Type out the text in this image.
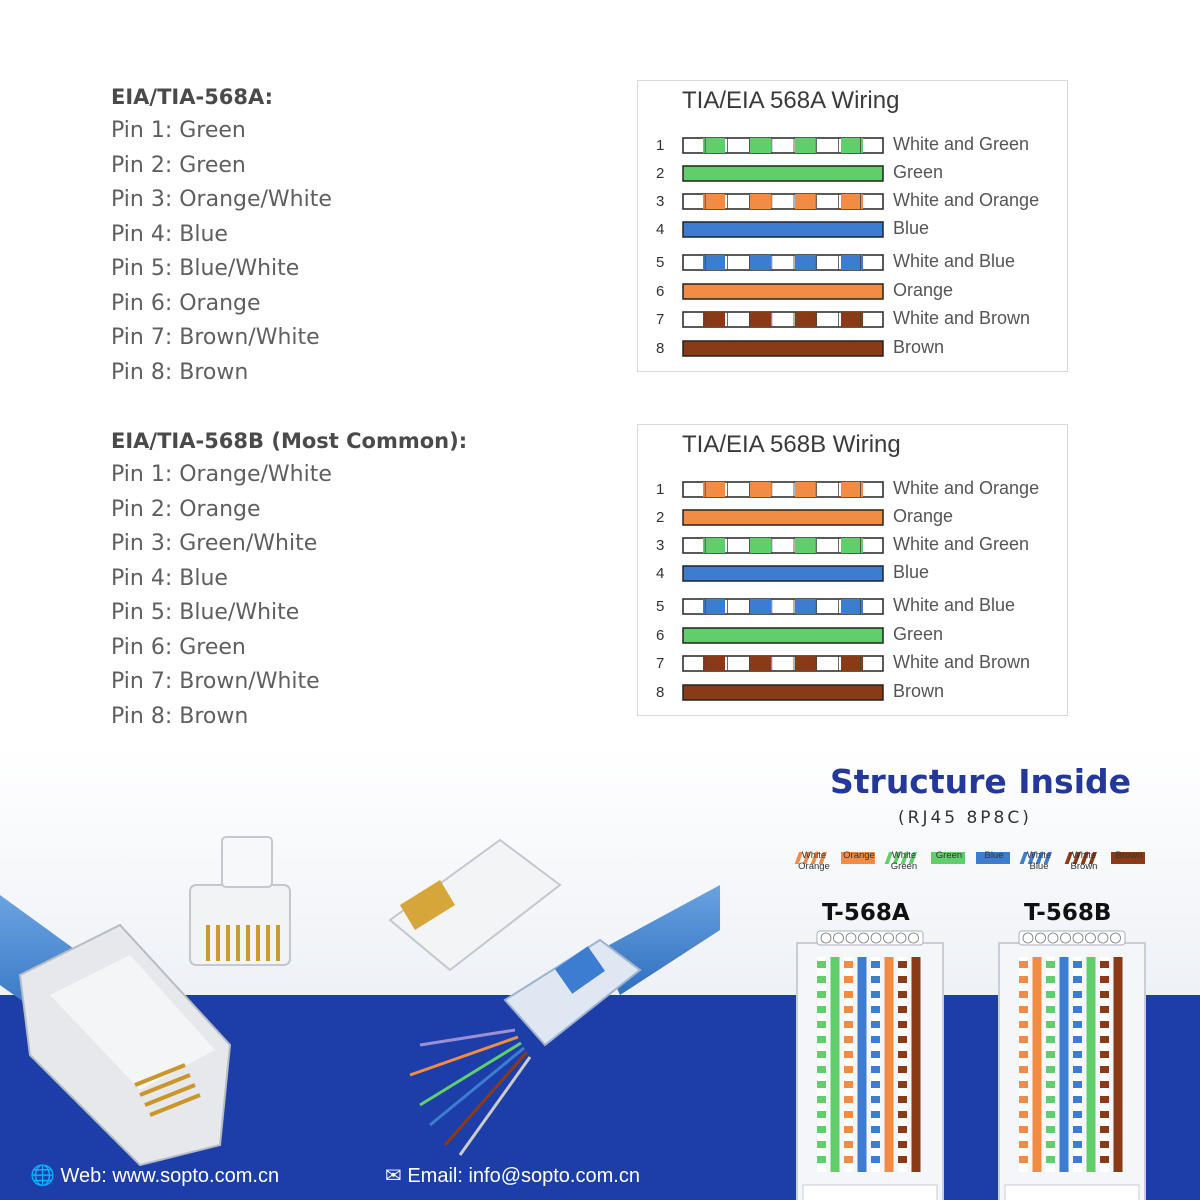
EIA/TIA-568A:
Pin 1: Green
Pin 2: Green
Pin 3: Orange/White
Pin 4: Blue
Pin 5: Blue/White
Pin 6: Orange
Pin 7: Brown/White
Pin 8: Brown
EIA/TIA-568B (Most Common):
Pin 1: Orange/White
Pin 2: Orange
Pin 3: Green/White
Pin 4: Blue
Pin 5: Blue/White
Pin 6: Green
Pin 7: Brown/White
Pin 8: Brown
TIA/EIA 568A Wiring
1	White and Green
2	Green
3	White and Orange
4	Blue
5	White and Blue
6	Orange
7	White and Brown
8	Brown
TIA/EIA 568B Wiring
1	White and Orange
2	Orange
3	White and Green
4	Blue
5	White and Blue
6	Green
7	White and Brown
8	Brown
Structure Inside
(RJ45 8P8C)
White Orange
Orange	White Green
Green	Blue	White Blue
White Brown
Brown
T-568A	T-568B
🌐 Web: www.sopto.com.cn	✉ Email: info@sopto.com.cn
